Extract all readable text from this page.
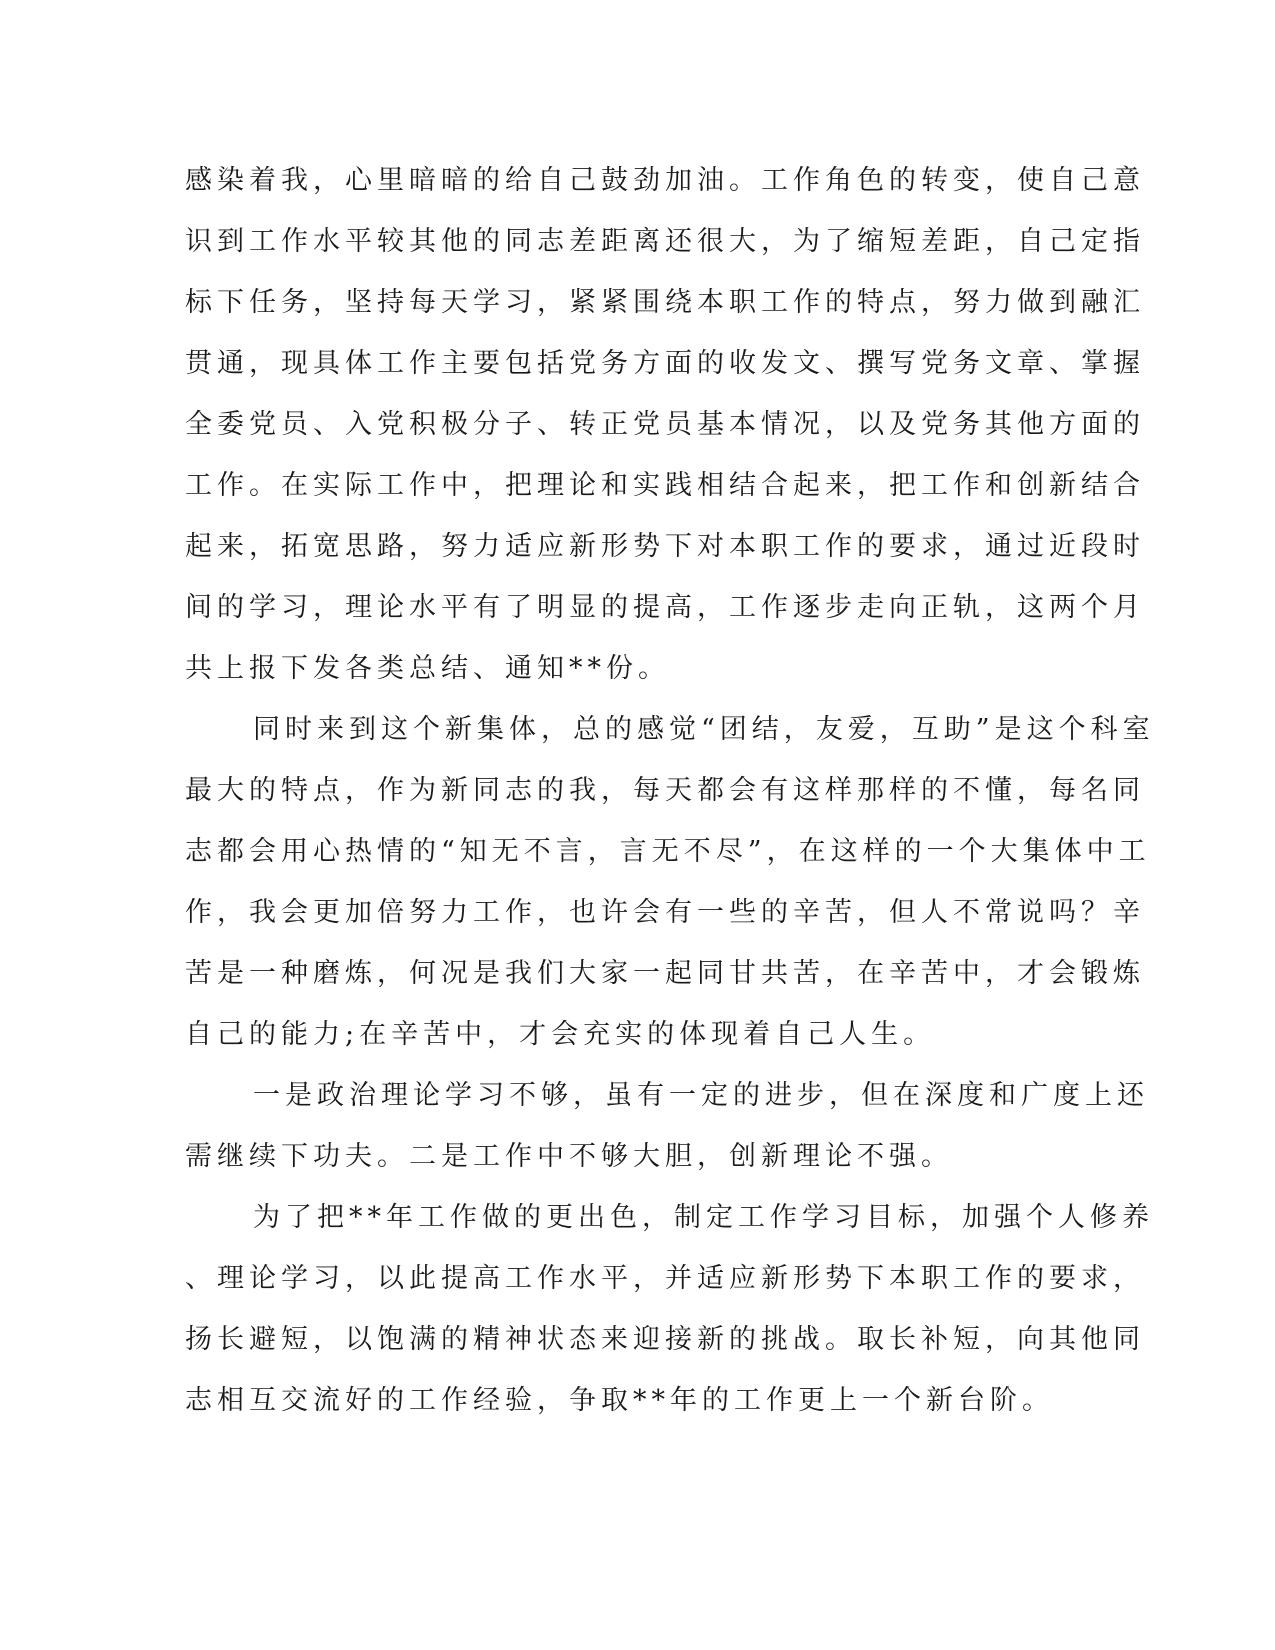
感染着我，心里暗暗的给自己鼓劲加油。工作角色的转变，使自己意
识到工作水平较其他的同志差距离还很大，为了缩短差距，自己定指
标下任务，坚持每天学习，紧紧围绕本职工作的特点，努力做到融汇
贯通，现具体工作主要包括党务方面的收发文、撰写党务文章、掌握
全委党员、入党积极分子、转正党员基本情况，以及党务其他方面的
工作。在实际工作中，把理论和实践相结合起来，把工作和创新结合
起来，拓宽思路，努力适应新形势下对本职工作的要求，通过近段时
间的学习，理论水平有了明显的提高，工作逐步走向正轨，这两个月
共上报下发各类总结、通知**份。
同时来到这个新集体，总的感觉“团结，友爱，互助”是这个科室
最大的特点，作为新同志的我，每天都会有这样那样的不懂，每名同
志都会用心热情的“知无不言，言无不尽”，在这样的一个大集体中工
作，我会更加倍努力工作，也许会有一些的辛苦，但人不常说吗？辛
苦是一种磨炼，何况是我们大家一起同甘共苦，在辛苦中，才会锻炼
自己的能力;在辛苦中，才会充实的体现着自己人生。
一是政治理论学习不够，虽有一定的进步，但在深度和广度上还
需继续下功夫。二是工作中不够大胆，创新理论不强。
为了把**年工作做的更出色，制定工作学习目标，加强个人修养
、理论学习，以此提高工作水平，并适应新形势下本职工作的要求，
扬长避短，以饱满的精神状态来迎接新的挑战。取长补短，向其他同
志相互交流好的工作经验，争取**年的工作更上一个新台阶。
